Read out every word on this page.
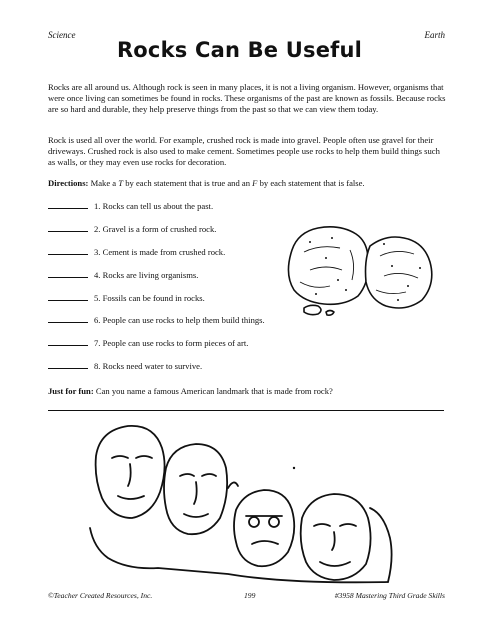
Science	Earth
Rocks Can Be Useful
Rocks are all around us. Although rock is seen in many places, it is not a living organism. However, organisms that were once living can sometimes be found in rocks. These organisms of the past are known as fossils. Because rocks are so hard and durable, they help preserve things from the past so that we can view them today.
Rock is used all over the world. For example, crushed rock is made into gravel. People often use gravel for their driveways. Crushed rock is also used to make cement. Sometimes people use rocks to help them build things such as walls, or they may even use rocks for decoration.
Directions: Make a T by each statement that is true and an F by each statement that is false.
1. Rocks can tell us about the past.
2. Gravel is a form of crushed rock.
3. Cement is made from crushed rock.
4. Rocks are living organisms.
5. Fossils can be found in rocks.
6. People can use rocks to help them build things.
7. People can use rocks to form pieces of art.
8. Rocks need water to survive.
Just for fun: Can you name a famous American landmark that is made from rock?
©Teacher Created Resources, Inc.	199	#3958 Mastering Third Grade Skills
